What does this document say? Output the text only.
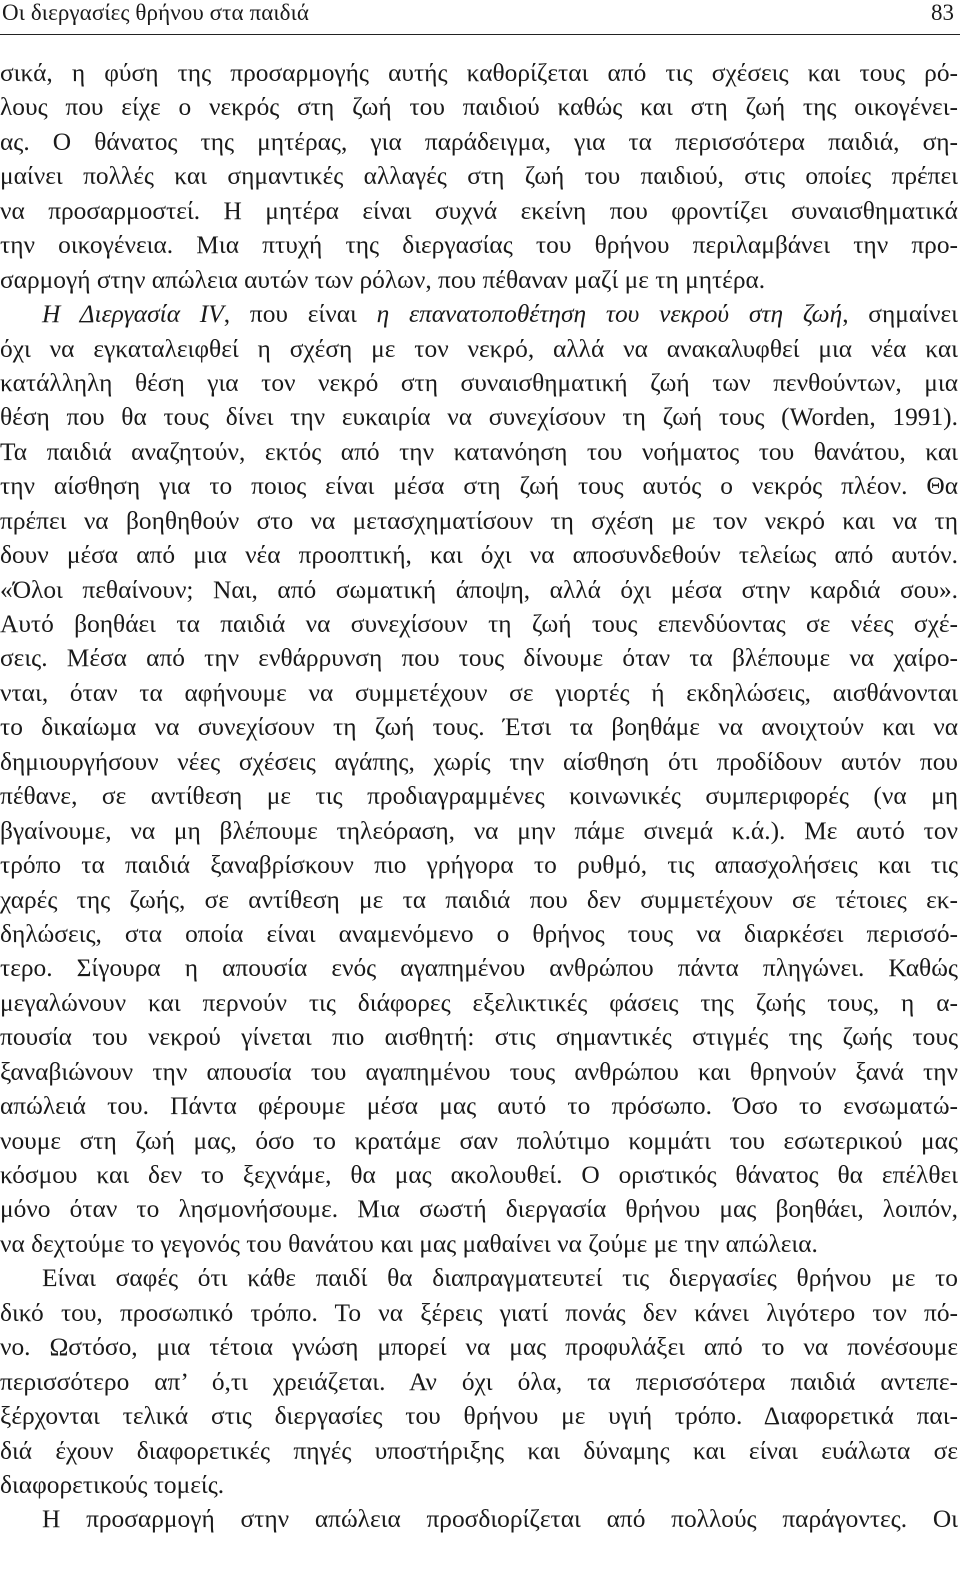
Οι διεργασίες θρήνου στα παιδιά	83
σικά, η φύση της προσαρμογής αυτής καθορίζεται από τις σχέσεις και τους ρό-
λους που είχε ο νεκρός στη ζωή του παιδιού καθώς και στη ζωή της οικογένει-
ας. Ο θάνατος της μητέρας, για παράδειγμα, για τα περισσότερα παιδιά, ση-
μαίνει πολλές και σημαντικές αλλαγές στη ζωή του παιδιού, στις οποίες πρέπει
να προσαρμοστεί. Η μητέρα είναι συχνά εκείνη που φροντίζει συναισθηματικά
την οικογένεια. Μια πτυχή της διεργασίας του θρήνου περιλαμβάνει την προ-
σαρμογή στην απώλεια αυτών των ρόλων, που πέθαναν μαζί με τη μητέρα.
Η Διεργασία IV, που είναι η επανατοποθέτηση του νεκρού στη ζωή, σημαίνει
όχι να εγκαταλειφθεί η σχέση με τον νεκρό, αλλά να ανακαλυφθεί μια νέα και
κατάλληλη θέση για τον νεκρό στη συναισθηματική ζωή των πενθούντων, μια
θέση που θα τους δίνει την ευκαιρία να συνεχίσουν τη ζωή τους (Worden, 1991).
Τα παιδιά αναζητούν, εκτός από την κατανόηση του νοήματος του θανάτου, και
την αίσθηση για το ποιος είναι μέσα στη ζωή τους αυτός ο νεκρός πλέον. Θα
πρέπει να βοηθηθούν στο να μετασχηματίσουν τη σχέση με τον νεκρό και να τη
δουν μέσα από μια νέα προοπτική, και όχι να αποσυνδεθούν τελείως από αυτόν.
«Όλοι πεθαίνουν; Ναι, από σωματική άποψη, αλλά όχι μέσα στην καρδιά σου».
Αυτό βοηθάει τα παιδιά να συνεχίσουν τη ζωή τους επενδύοντας σε νέες σχέ-
σεις. Μέσα από την ενθάρρυνση που τους δίνουμε όταν τα βλέπουμε να χαίρο-
νται, όταν τα αφήνουμε να συμμετέχουν σε γιορτές ή εκδηλώσεις, αισθάνονται
το δικαίωμα να συνεχίσουν τη ζωή τους. Έτσι τα βοηθάμε να ανοιχτούν και να
δημιουργήσουν νέες σχέσεις αγάπης, χωρίς την αίσθηση ότι προδίδουν αυτόν που
πέθανε, σε αντίθεση με τις προδιαγραμμένες κοινωνικές συμπεριφορές (να μη
βγαίνουμε, να μη βλέπουμε τηλεόραση, να μην πάμε σινεμά κ.ά.). Με αυτό τον
τρόπο τα παιδιά ξαναβρίσκουν πιο γρήγορα το ρυθμό, τις απασχολήσεις και τις
χαρές της ζωής, σε αντίθεση με τα παιδιά που δεν συμμετέχουν σε τέτοιες εκ-
δηλώσεις, στα οποία είναι αναμενόμενο ο θρήνος τους να διαρκέσει περισσό-
τερο. Σίγουρα η απουσία ενός αγαπημένου ανθρώπου πάντα πληγώνει. Καθώς
μεγαλώνουν και περνούν τις διάφορες εξελικτικές φάσεις της ζωής τους, η α-
πουσία του νεκρού γίνεται πιο αισθητή: στις σημαντικές στιγμές της ζωής τους
ξαναβιώνουν την απουσία του αγαπημένου τους ανθρώπου και θρηνούν ξανά την
απώλειά του. Πάντα φέρουμε μέσα μας αυτό το πρόσωπο. Όσο το ενσωματώ-
νουμε στη ζωή μας, όσο το κρατάμε σαν πολύτιμο κομμάτι του εσωτερικού μας
κόσμου και δεν το ξεχνάμε, θα μας ακολουθεί. Ο οριστικός θάνατος θα επέλθει
μόνο όταν το λησμονήσουμε. Μια σωστή διεργασία θρήνου μας βοηθάει, λοιπόν,
να δεχτούμε το γεγονός του θανάτου και μας μαθαίνει να ζούμε με την απώλεια.
Είναι σαφές ότι κάθε παιδί θα διαπραγματευτεί τις διεργασίες θρήνου με το
δικό του, προσωπικό τρόπο. Το να ξέρεις γιατί πονάς δεν κάνει λιγότερο τον πό-
νο. Ωστόσο, μια τέτοια γνώση μπορεί να μας προφυλάξει από το να πονέσουμε
περισσότερο απ’ ό,τι χρειάζεται. Αν όχι όλα, τα περισσότερα παιδιά αντεπε-
ξέρχονται τελικά στις διεργασίες του θρήνου με υγιή τρόπο. Διαφορετικά παι-
διά έχουν διαφορετικές πηγές υποστήριξης και δύναμης και είναι ευάλωτα σε
διαφορετικούς τομείς.
Η προσαρμογή στην απώλεια προσδιορίζεται από πολλούς παράγοντες. Οι
